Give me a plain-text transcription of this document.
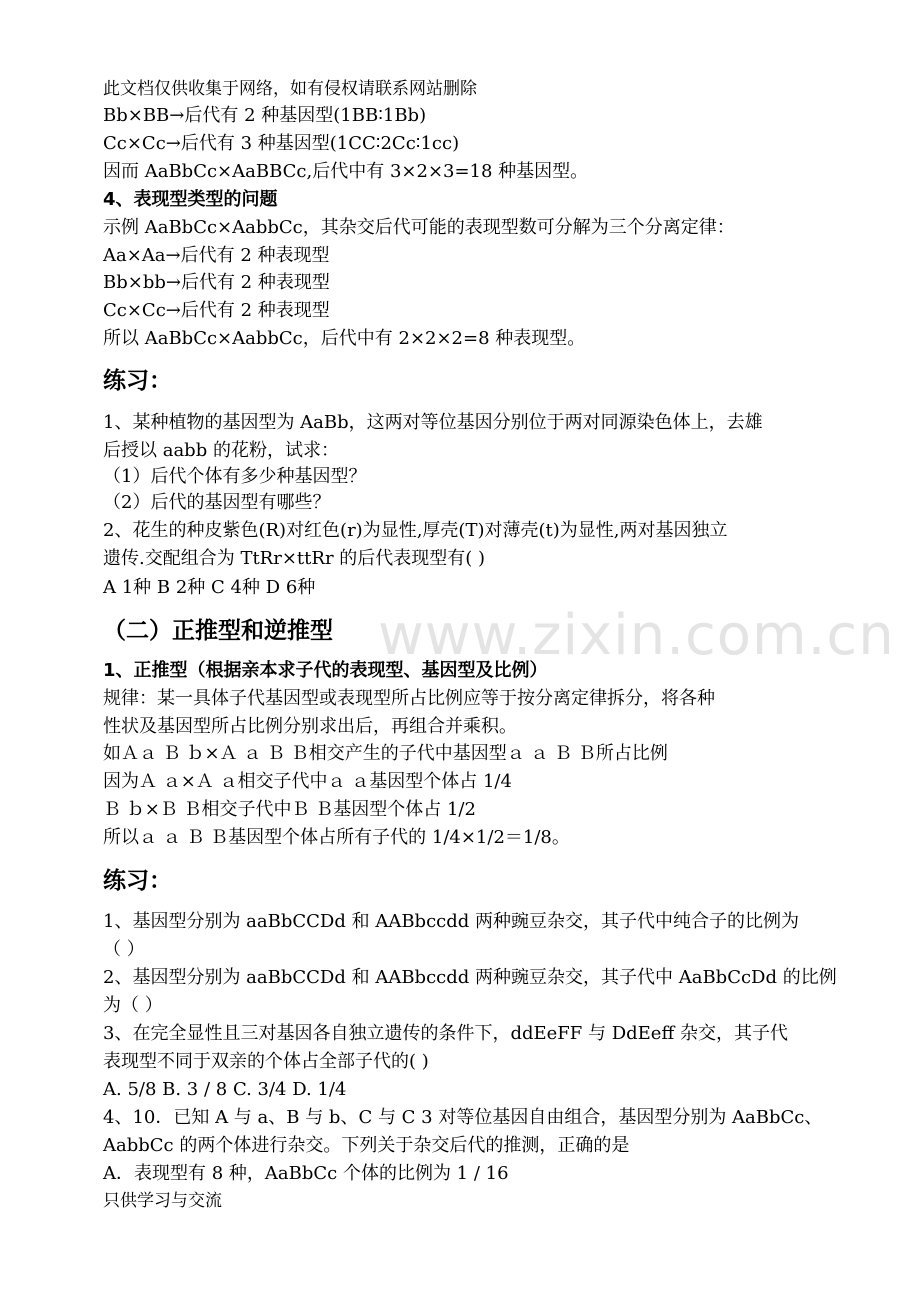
www.zixin.com.cn
此文档仅供收集于网络，如有侵权请联系网站删除
Bb×BB→后代有 2 种基因型(1BB∶1Bb)
Cc×Cc→后代有 3 种基因型(1CC∶2Cc∶1cc)
因而 AaBbCc×AaBBCc,后代中有 3×2×3=18 种基因型。
4、表现型类型的问题
示例 AaBbCc×AabbCc，其杂交后代可能的表现型数可分解为三个分离定律：
Aa×Aa→后代有 2 种表现型
Bb×bb→后代有 2 种表现型
Cc×Cc→后代有 2 种表现型
所以 AaBbCc×AabbCc，后代中有 2×2×2=8 种表现型。
练习：
1、某种植物的基因型为 AaBb，这两对等位基因分别位于两对同源染色体上，去雄
后授以 aabb 的花粉，试求：
（1）后代个体有多少种基因型？
（2）后代的基因型有哪些？
2、花生的种皮紫色(R)对红色(r)为显性,厚壳(T)对薄壳(t)为显性,两对基因独立
遗传.交配组合为 TtRr×ttRr 的后代表现型有( )
A 1种 B 2种 C 4种 D 6种
（二）正推型和逆推型
1、正推型（根据亲本求子代的表现型、基因型及比例）
规律：某一具体子代基因型或表现型所占比例应等于按分离定律拆分，将各种
性状及基因型所占比例分别求出后，再组合并乘积。
如Ａａ Ｂ ｂ×Ａ ａ Ｂ Ｂ相交产生的子代中基因型ａ ａ Ｂ Ｂ所占比例
因为Ａ ａ×Ａ ａ相交子代中ａ ａ基因型个体占 1/4
Ｂ ｂ×Ｂ Ｂ相交子代中Ｂ Ｂ基因型个体占 1/2
所以ａ ａ Ｂ Ｂ基因型个体占所有子代的 1/4×1/2＝1/8。
练习：
1、基因型分别为 aaBbCCDd 和 AABbccdd 两种豌豆杂交，其子代中纯合子的比例为
（ ）
2、基因型分别为 aaBbCCDd 和 AABbccdd 两种豌豆杂交，其子代中 AaBbCcDd 的比例
为（ ）
3、在完全显性且三对基因各自独立遗传的条件下，ddEeFF 与 DdEeff 杂交，其子代
表现型不同于双亲的个体占全部子代的( )
A. 5/8 B. 3 / 8 C. 3/4 D. 1/4
4、10．已知 A 与 a、B 与 b、C 与 C 3 对等位基因自由组合，基因型分别为 AaBbCc、
AabbCc 的两个体进行杂交。下列关于杂交后代的推测，正确的是
A．表现型有 8 种，AaBbCc 个体的比例为 1 / 16
只供学习与交流
